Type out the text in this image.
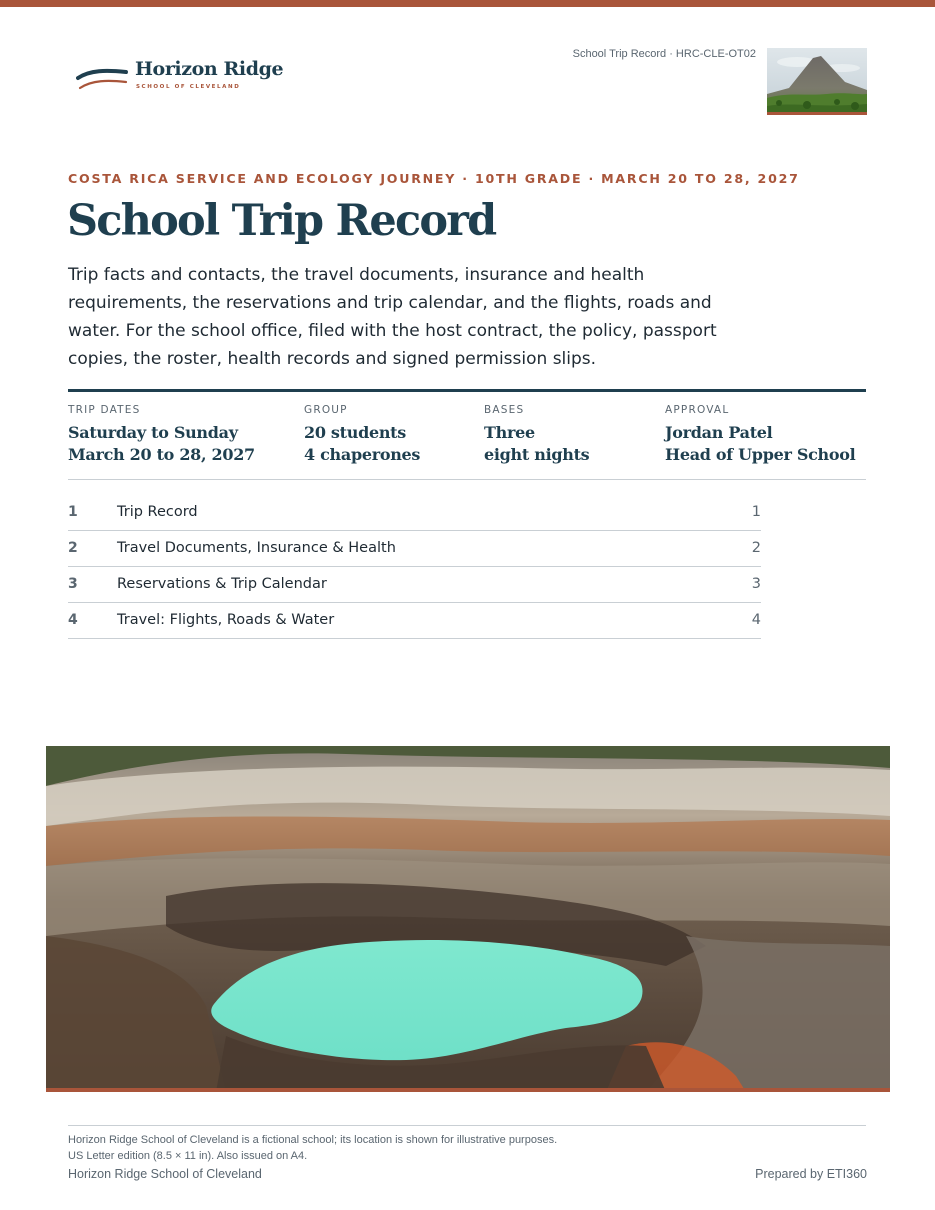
Horizon Ridge
SCHOOL OF CLEVELAND
School Trip Record · HRC-CLE-OT02
COSTA RICA SERVICE AND ECOLOGY JOURNEY · 10TH GRADE · MARCH 20 TO 28, 2027
School Trip Record

Trip facts and contacts, the travel documents, insurance and health requirements, the reservations and trip calendar, and the flights, roads and water. For the school office, filed with the host contract, the policy, passport copies, the roster, health records and signed permission slips.

TRIP DATES
Saturday to Sunday
March 20 to 28, 2027
GROUP
20 students
4 chaperones
BASES
Three
eight nights
APPROVAL
Jordan Patel
Head of Upper School
1	Trip Record	1
2	Travel Documents, Insurance & Health	2
3	Reservations & Trip Calendar	3
4	Travel: Flights, Roads & Water	4
Horizon Ridge School of Cleveland is a fictional school; its location is shown for illustrative purposes.
US Letter edition (8.5 × 11 in). Also issued on A4.
Horizon Ridge School of Cleveland	Prepared by ETI360
